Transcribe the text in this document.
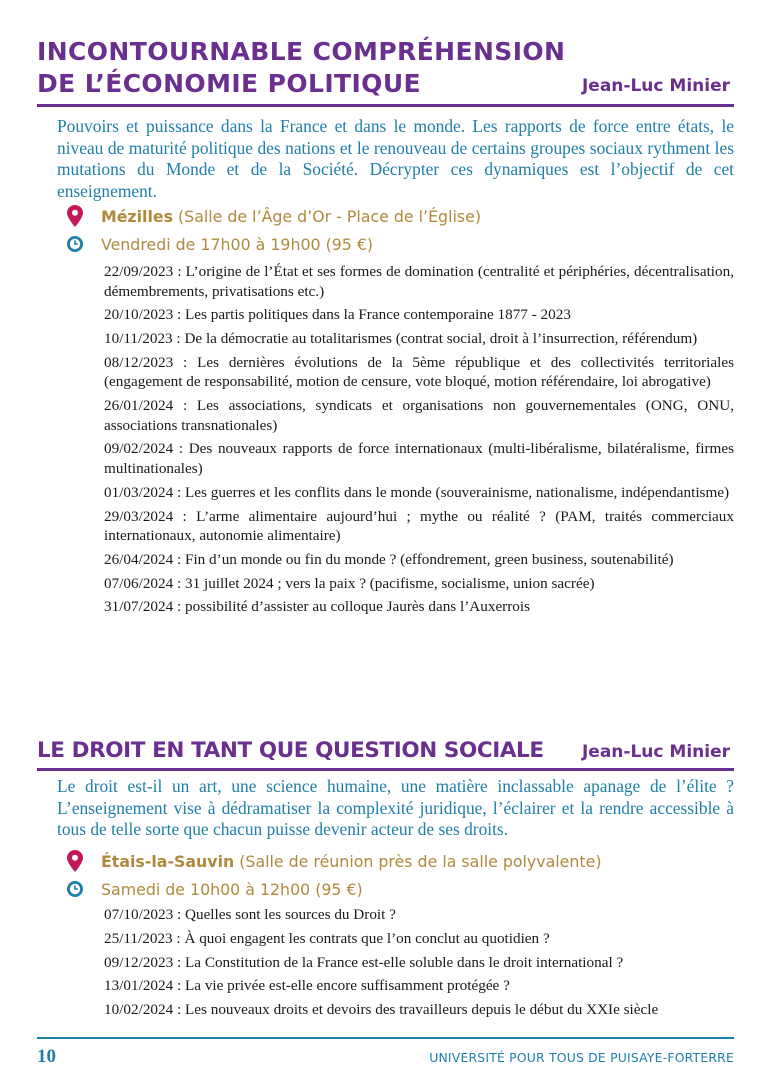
INCONTOURNABLE COMPRÉHENSION
DE L’ÉCONOMIE POLITIQUE	Jean-Luc Minier
Pouvoirs et puissance dans la France et dans le monde. Les rapports de force entre états, le niveau de maturité politique des nations et le renouveau de certains groupes sociaux rythment les mutations du Monde et de la Société. Décrypter ces dynamiques est l’objectif de cet enseignement.
Mézilles (Salle de l’Âge d’Or - Place de l’Église)
Vendredi de 17h00 à 19h00 (95 €)

22/09/2023 : L’origine de l’État et ses formes de domination (centralité et périphéries, décentralisation, démembrements, privatisations etc.)

20/10/2023 : Les partis politiques dans la France contemporaine 1877 - 2023

10/11/2023 : De la démocratie au totalitarismes (contrat social, droit à l’insurrection, référendum)

08/12/2023 : Les dernières évolutions de la 5ème république et des collectivités territoriales (engagement de responsabilité, motion de censure, vote bloqué, motion référendaire, loi abrogative)

26/01/2024 : Les associations, syndicats et organisations non gouvernementales (ONG, ONU, associations transnationales)

09/02/2024 : Des nouveaux rapports de force internationaux (multi-libéralisme, bilatéralisme, firmes multinationales)

01/03/2024 : Les guerres et les conflits dans le monde (souverainisme, nationalisme, indépendantisme)

29/03/2024 : L’arme alimentaire aujourd’hui ; mythe ou réalité ? (PAM, traités commerciaux internationaux, autonomie alimentaire)

26/04/2024 : Fin d’un monde ou fin du monde ? (effondrement, green business, soutenabilité)

07/06/2024 : 31 juillet 2024 ; vers la paix ? (pacifisme, socialisme, union sacrée)

31/07/2024 : possibilité d’assister au colloque Jaurès dans l’Auxerrois

LE DROIT EN TANT QUE QUESTION SOCIALE	Jean-Luc Minier
Le droit est-il un art, une science humaine, une matière inclassable apanage de l’élite ? L’enseignement vise à dédramatiser la complexité juridique, l’éclairer et la rendre accessible à tous de telle sorte que chacun puisse devenir acteur de ses droits.
Étais-la-Sauvin (Salle de réunion près de la salle polyvalente)
Samedi de 10h00 à 12h00 (95 €)

07/10/2023 : Quelles sont les sources du Droit ?

25/11/2023 : À quoi engagent les contrats que l’on conclut au quotidien ?

09/12/2023 : La Constitution de la France est-elle soluble dans le droit international ?

13/01/2024 : La vie privée est-elle encore suffisamment protégée ?

10/02/2024 : Les nouveaux droits et devoirs des travailleurs depuis le début du XXIe siècle

10	UNIVERSITÉ POUR TOUS DE PUISAYE-FORTERRE
